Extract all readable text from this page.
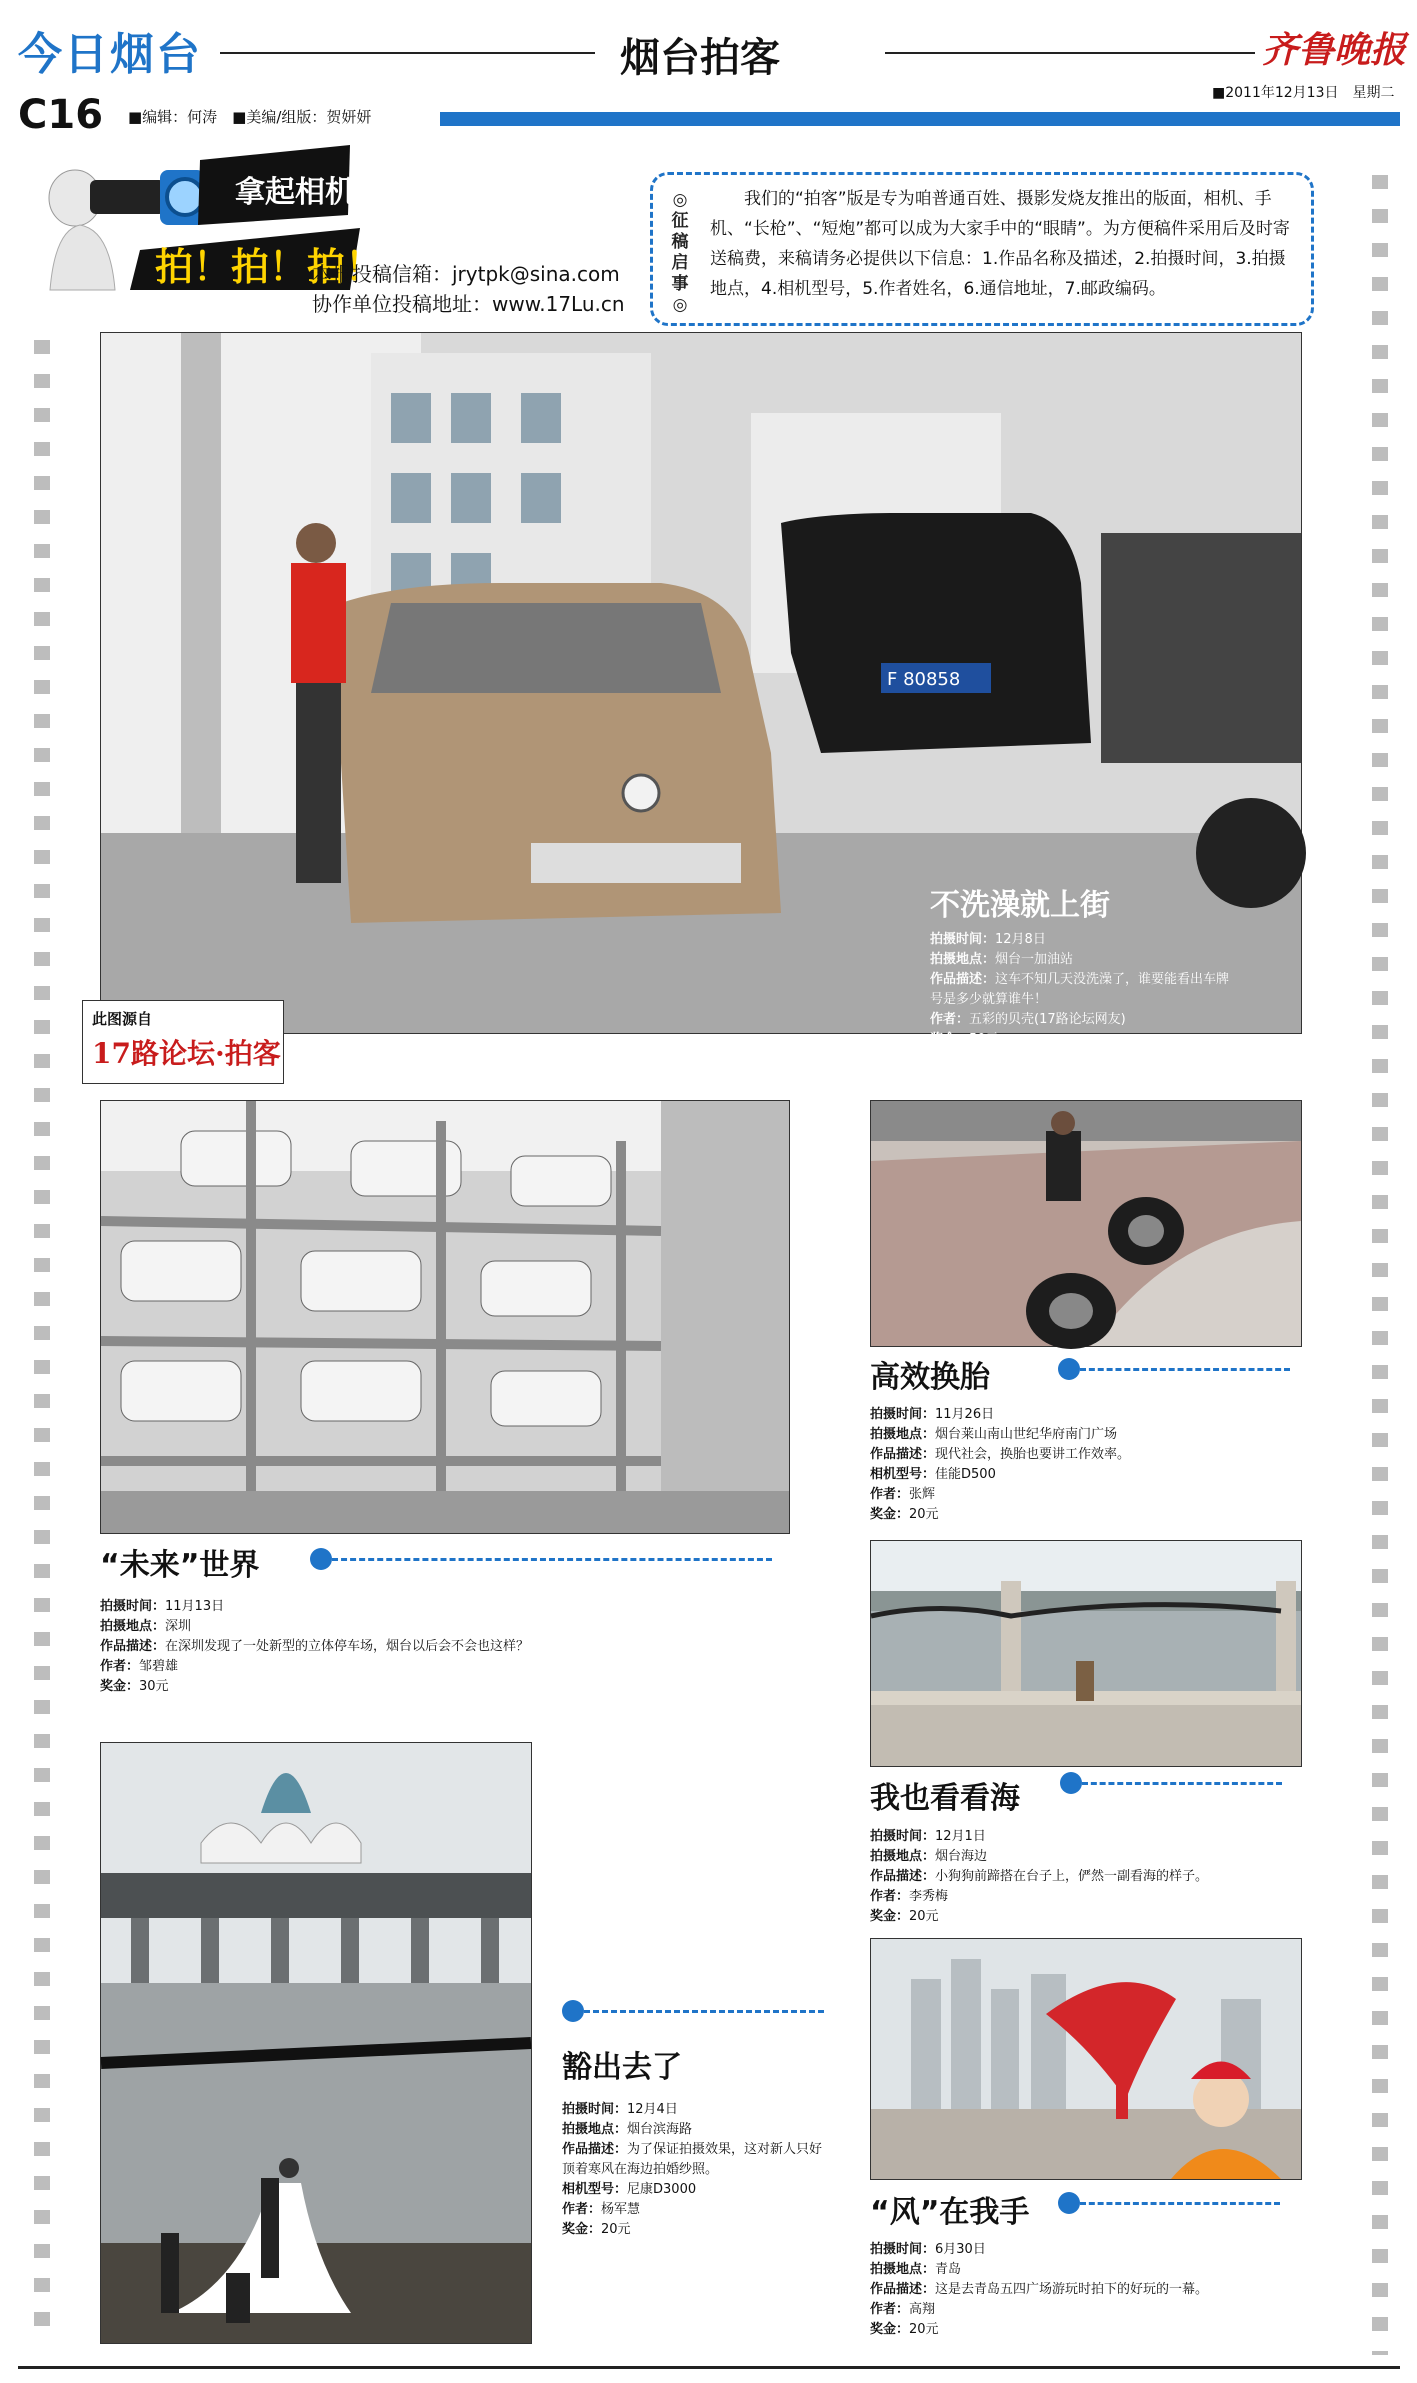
今日烟台	烟台拍客	齐鲁晚报
C16 ■编辑：何涛　■美编/组版：贺妍妍
■2011年12月13日　星期二
拿起相机
拍！拍！拍！
本报投稿信箱：jrytpk@sina.com
协作单位投稿地址：www.17Lu.cn
◎征稿启事◎
我们的“拍客”版是专为咱普通百姓、摄影发烧友推出的版面，相机、手机、“长枪”、“短炮”都可以成为大家手中的“眼睛”。为方便稿件采用后及时寄送稿费，来稿请务必提供以下信息：1.作品名称及描述，2.拍摄时间，3.拍摄地点，4.相机型号，5.作者姓名，6.通信地址，7.邮政编码。
F 80858
不洗澡就上街
拍摄时间：12月8日
拍摄地点：烟台一加油站
作品描述：这车不知几天没洗澡了，谁要能看出车牌号是多少就算谁牛！
作者：五彩的贝壳(17路论坛网友)
奖金：50元
此图源自
17路论坛·拍客
高效换胎
拍摄时间：11月26日
拍摄地点：烟台莱山南山世纪华府南门广场
作品描述：现代社会，换胎也要讲工作效率。
相机型号：佳能D500
作者：张辉
奖金：20元
“未来”世界
拍摄时间：11月13日
拍摄地点：深圳
作品描述：在深圳发现了一处新型的立体停车场，烟台以后会不会也这样？
作者：邹碧雄
奖金：30元
我也看看海
拍摄时间：12月1日
拍摄地点：烟台海边
作品描述：小狗狗前蹄搭在台子上，俨然一副看海的样子。
作者：李秀梅
奖金：20元
豁出去了
拍摄时间：12月4日
拍摄地点：烟台滨海路
作品描述：为了保证拍摄效果，这对新人只好顶着寒风在海边拍婚纱照。
相机型号：尼康D3000
作者：杨军慧
奖金：20元	“风”在我手
拍摄时间：6月30日
拍摄地点：青岛
作品描述：这是去青岛五四广场游玩时拍下的好玩的一幕。
作者：高翔
奖金：20元
